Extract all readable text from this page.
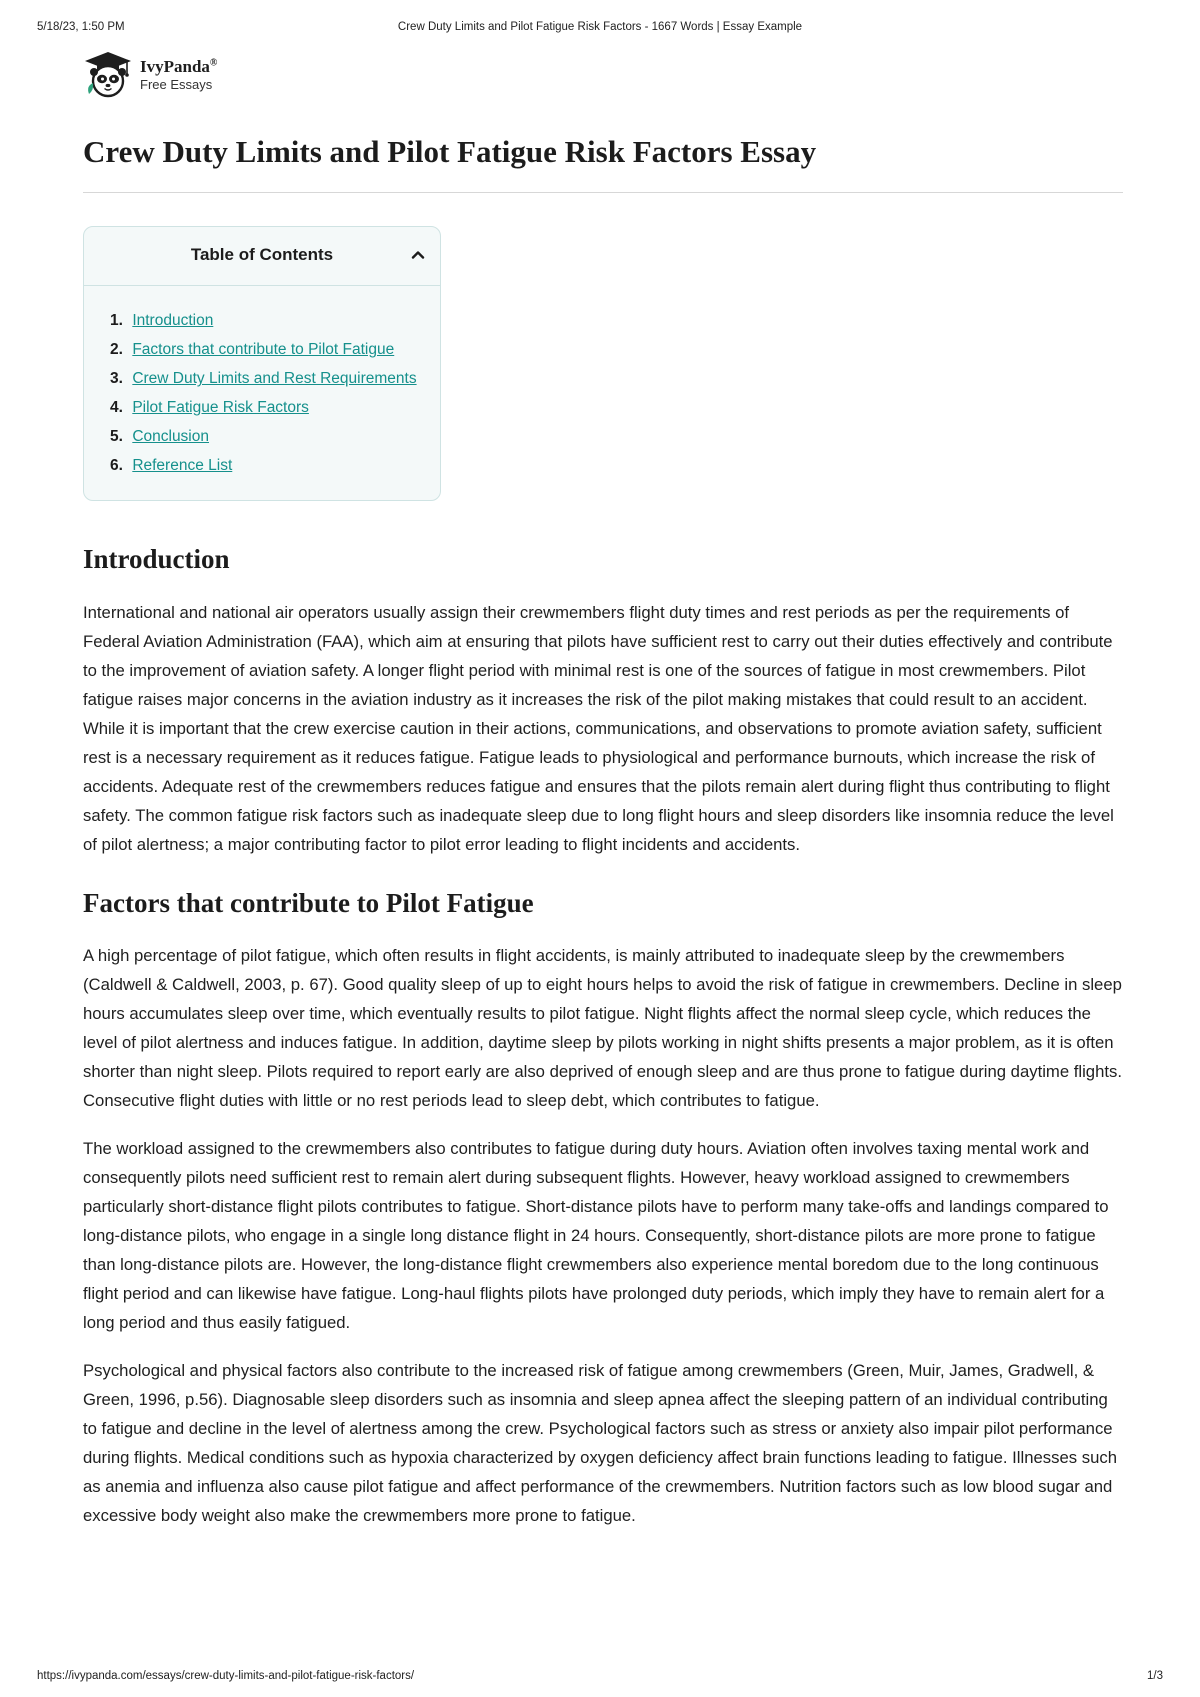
5/18/23, 1:50 PM	Crew Duty Limits and Pilot Fatigue Risk Factors - 1667 Words | Essay Example
IvyPanda®
Free Essays
Crew Duty Limits and Pilot Fatigue Risk Factors Essay
Table of Contents
1. Introduction
2. Factors that contribute to Pilot Fatigue
3. Crew Duty Limits and Rest Requirements
4. Pilot Fatigue Risk Factors
5. Conclusion
6. Reference List
Introduction

International and national air operators usually assign their crewmembers flight duty times and rest periods as per the requirements of Federal Aviation Administration (FAA), which aim at ensuring that pilots have sufficient rest to carry out their duties effectively and contribute to the improvement of aviation safety. A longer flight period with minimal rest is one of the sources of fatigue in most crewmembers. Pilot fatigue raises major concerns in the aviation industry as it increases the risk of the pilot making mistakes that could result to an accident. While it is important that the crew exercise caution in their actions, communications, and observations to promote aviation safety, sufficient rest is a necessary requirement as it reduces fatigue. Fatigue leads to physiological and performance burnouts, which increase the risk of accidents. Adequate rest of the crewmembers reduces fatigue and ensures that the pilots remain alert during flight thus contributing to flight safety. The common fatigue risk factors such as inadequate sleep due to long flight hours and sleep disorders like insomnia reduce the level of pilot alertness; a major contributing factor to pilot error leading to flight incidents and accidents.

Factors that contribute to Pilot Fatigue

A high percentage of pilot fatigue, which often results in flight accidents, is mainly attributed to inadequate sleep by the crewmembers (Caldwell & Caldwell, 2003, p. 67). Good quality sleep of up to eight hours helps to avoid the risk of fatigue in crewmembers. Decline in sleep hours accumulates sleep over time, which eventually results to pilot fatigue. Night flights affect the normal sleep cycle, which reduces the level of pilot alertness and induces fatigue. In addition, daytime sleep by pilots working in night shifts presents a major problem, as it is often shorter than night sleep. Pilots required to report early are also deprived of enough sleep and are thus prone to fatigue during daytime flights. Consecutive flight duties with little or no rest periods lead to sleep debt, which contributes to fatigue.

The workload assigned to the crewmembers also contributes to fatigue during duty hours. Aviation often involves taxing mental work and consequently pilots need sufficient rest to remain alert during subsequent flights. However, heavy workload assigned to crewmembers particularly short-distance flight pilots contributes to fatigue. Short-distance pilots have to perform many take-offs and landings compared to long-distance pilots, who engage in a single long distance flight in 24 hours. Consequently, short-distance pilots are more prone to fatigue than long-distance pilots are. However, the long-distance flight crewmembers also experience mental boredom due to the long continuous flight period and can likewise have fatigue. Long-haul flights pilots have prolonged duty periods, which imply they have to remain alert for a long period and thus easily fatigued.

Psychological and physical factors also contribute to the increased risk of fatigue among crewmembers (Green, Muir, James, Gradwell, & Green, 1996, p.56). Diagnosable sleep disorders such as insomnia and sleep apnea affect the sleeping pattern of an individual contributing to fatigue and decline in the level of alertness among the crew. Psychological factors such as stress or anxiety also impair pilot performance during flights. Medical conditions such as hypoxia characterized by oxygen deficiency affect brain functions leading to fatigue. Illnesses such as anemia and influenza also cause pilot fatigue and affect performance of the crewmembers. Nutrition factors such as low blood sugar and excessive body weight also make the crewmembers more prone to fatigue.

https://ivypanda.com/essays/crew-duty-limits-and-pilot-fatigue-risk-factors/	1/3
